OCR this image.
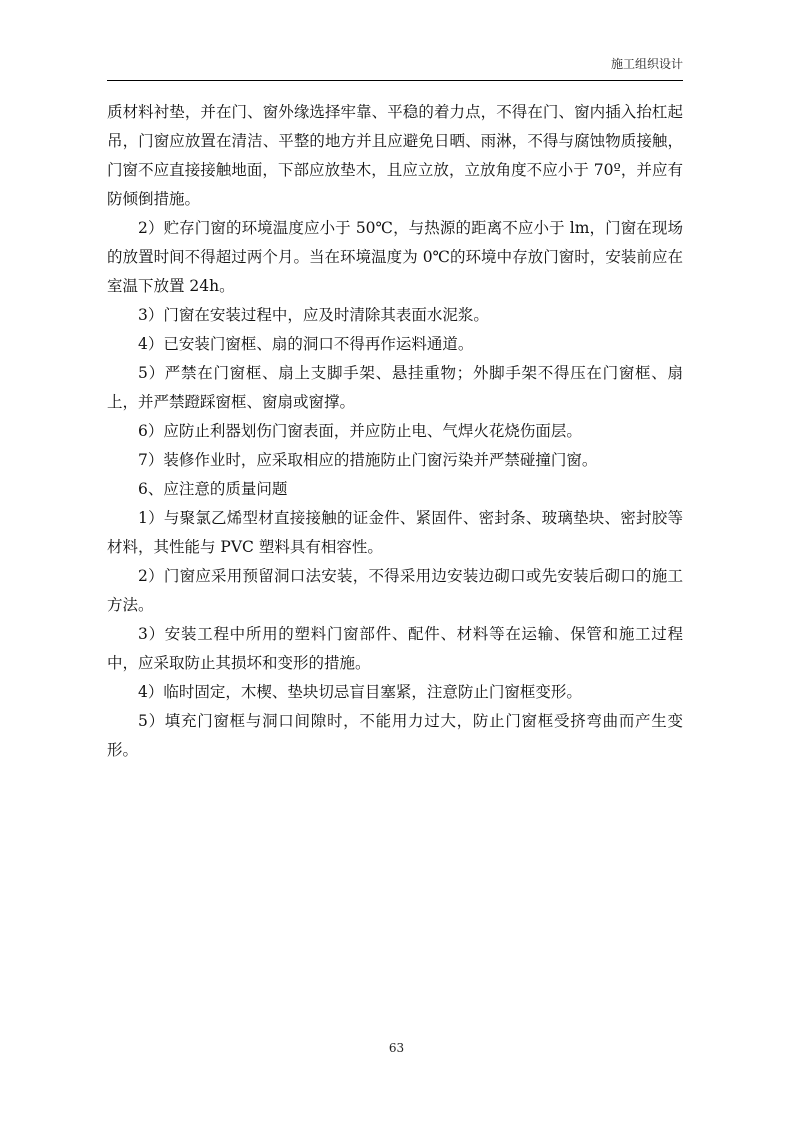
施工组织设计

质材料衬垫，并在门、窗外缘选择牢靠、平稳的着力点，不得在门、窗内插入抬杠起吊，门窗应放置在清洁、平整的地方并且应避免日晒、雨淋，不得与腐蚀物质接触，门窗不应直接接触地面，下部应放垫木，且应立放，立放角度不应小于 70º，并应有防倾倒措施。

2）贮存门窗的环境温度应小于 50℃，与热源的距离不应小于 lm，门窗在现场的放置时间不得超过两个月。当在环境温度为 0℃的环境中存放门窗时，安装前应在室温下放置 24h。

3）门窗在安装过程中，应及时清除其表面水泥浆。

4）已安装门窗框、扇的洞口不得再作运料通道。

5）严禁在门窗框、扇上支脚手架、悬挂重物；外脚手架不得压在门窗框、扇上，并严禁蹬踩窗框、窗扇或窗撑。

6）应防止利器划伤门窗表面，并应防止电、气焊火花烧伤面层。

7）装修作业时，应采取相应的措施防止门窗污染并严禁碰撞门窗。

6、应注意的质量问题

1）与聚氯乙烯型材直接接触的证金件、紧固件、密封条、玻璃垫块、密封胶等材料，其性能与 PVC 塑料具有相容性。

2）门窗应采用预留洞口法安装，不得采用边安装边砌口或先安装后砌口的施工方法。

3）安装工程中所用的塑料门窗部件、配件、材料等在运输、保管和施工过程中，应采取防止其损坏和变形的措施。

4）临时固定，木楔、垫块切忌盲目塞紧，注意防止门窗框变形。

5）填充门窗框与洞口间隙时，不能用力过大，防止门窗框受挤弯曲而产生变形。

63
